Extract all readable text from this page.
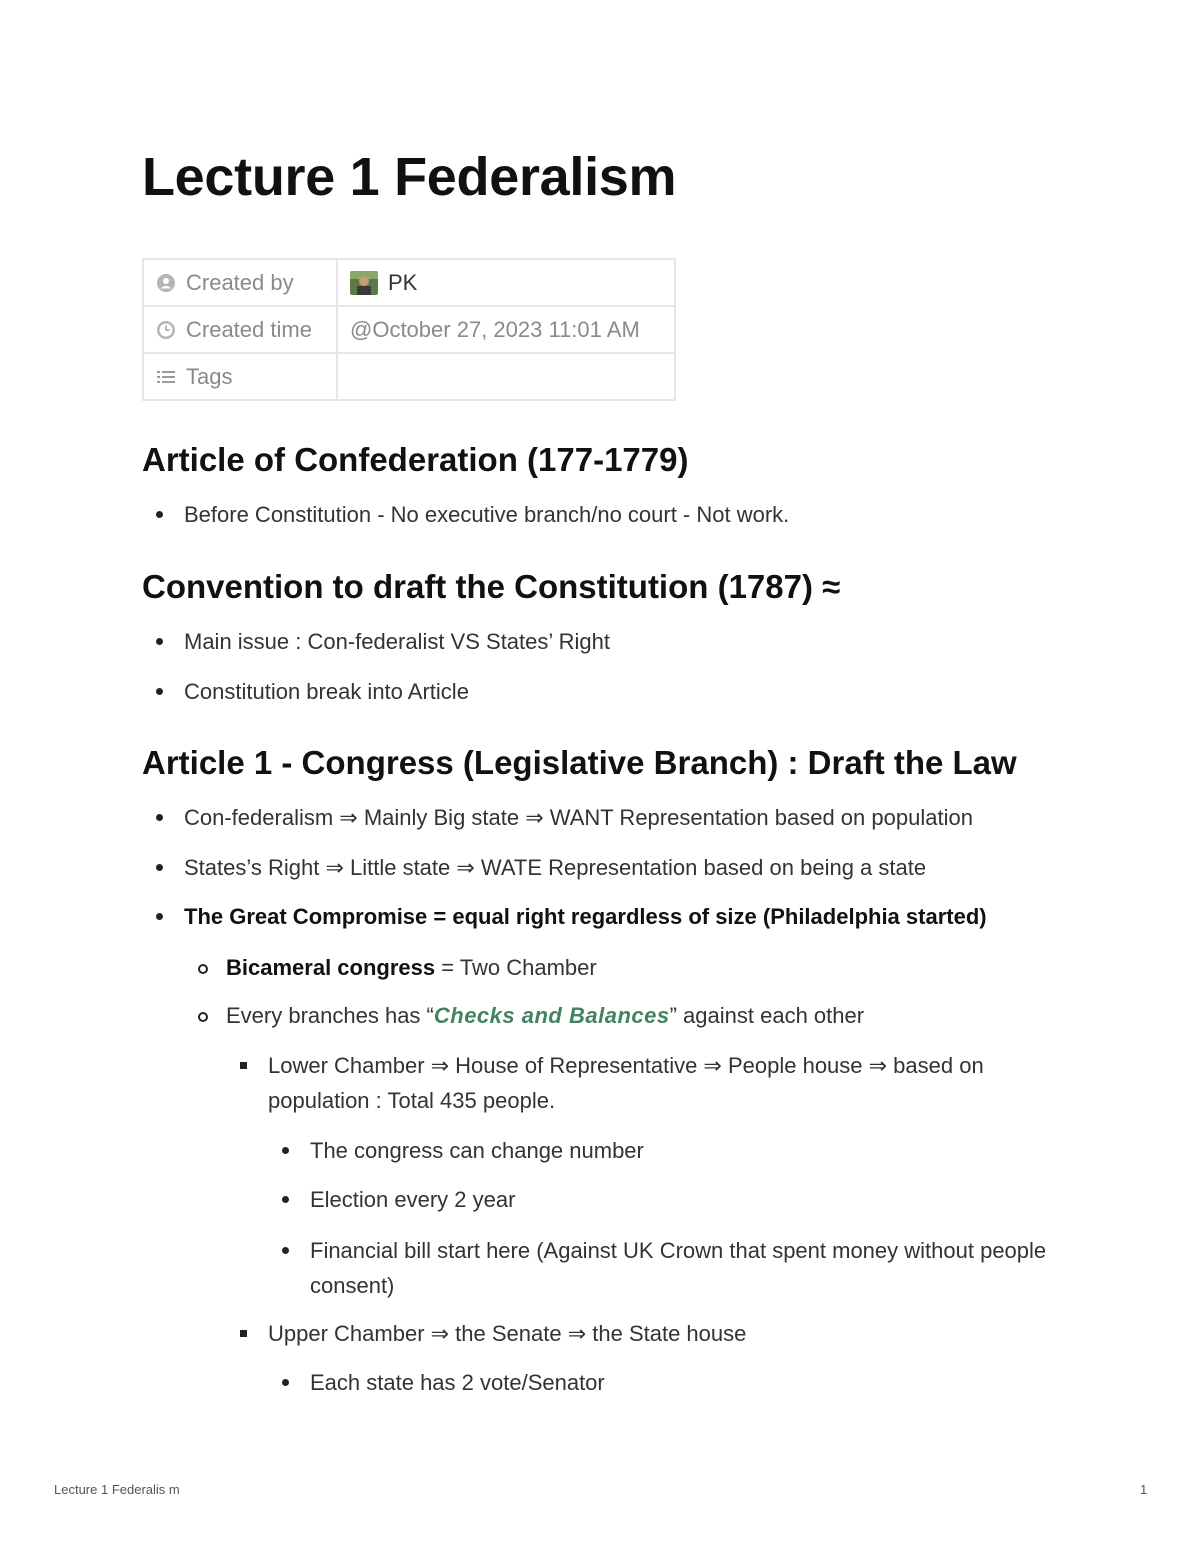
Lecture 1 Federalism
Created by	PK
Created time	@October 27, 2023 11:01 AM
Tags	
Article of Confederation (177-1779)
Before Constitution - No executive branch/no court - Not work.
Convention to draft the Constitution (1787) ≈
Main issue : Con-federalist VS States’ Right
Constitution break into Article
Article 1 - Congress (Legislative Branch) : Draft the Law
Con-federalism ⇒ Mainly Big state ⇒ WANT Representation based on population
States’s Right ⇒ Little state ⇒ WATE Representation based on being a state
The Great Compromise = equal right regardless of size (Philadelphia started)
Bicameral congress = Two Chamber
Every branches has “Checks and Balances” against each other
Lower Chamber ⇒ House of Representative ⇒ People house ⇒ based on population : Total 435 people.
The congress can change number
Election every 2 year
Financial bill start here (Against UK Crown that spent money without people consent)
Upper Chamber ⇒ the Senate ⇒ the State house
Each state has 2 vote/Senator
Lecture 1 Federalis m	1
